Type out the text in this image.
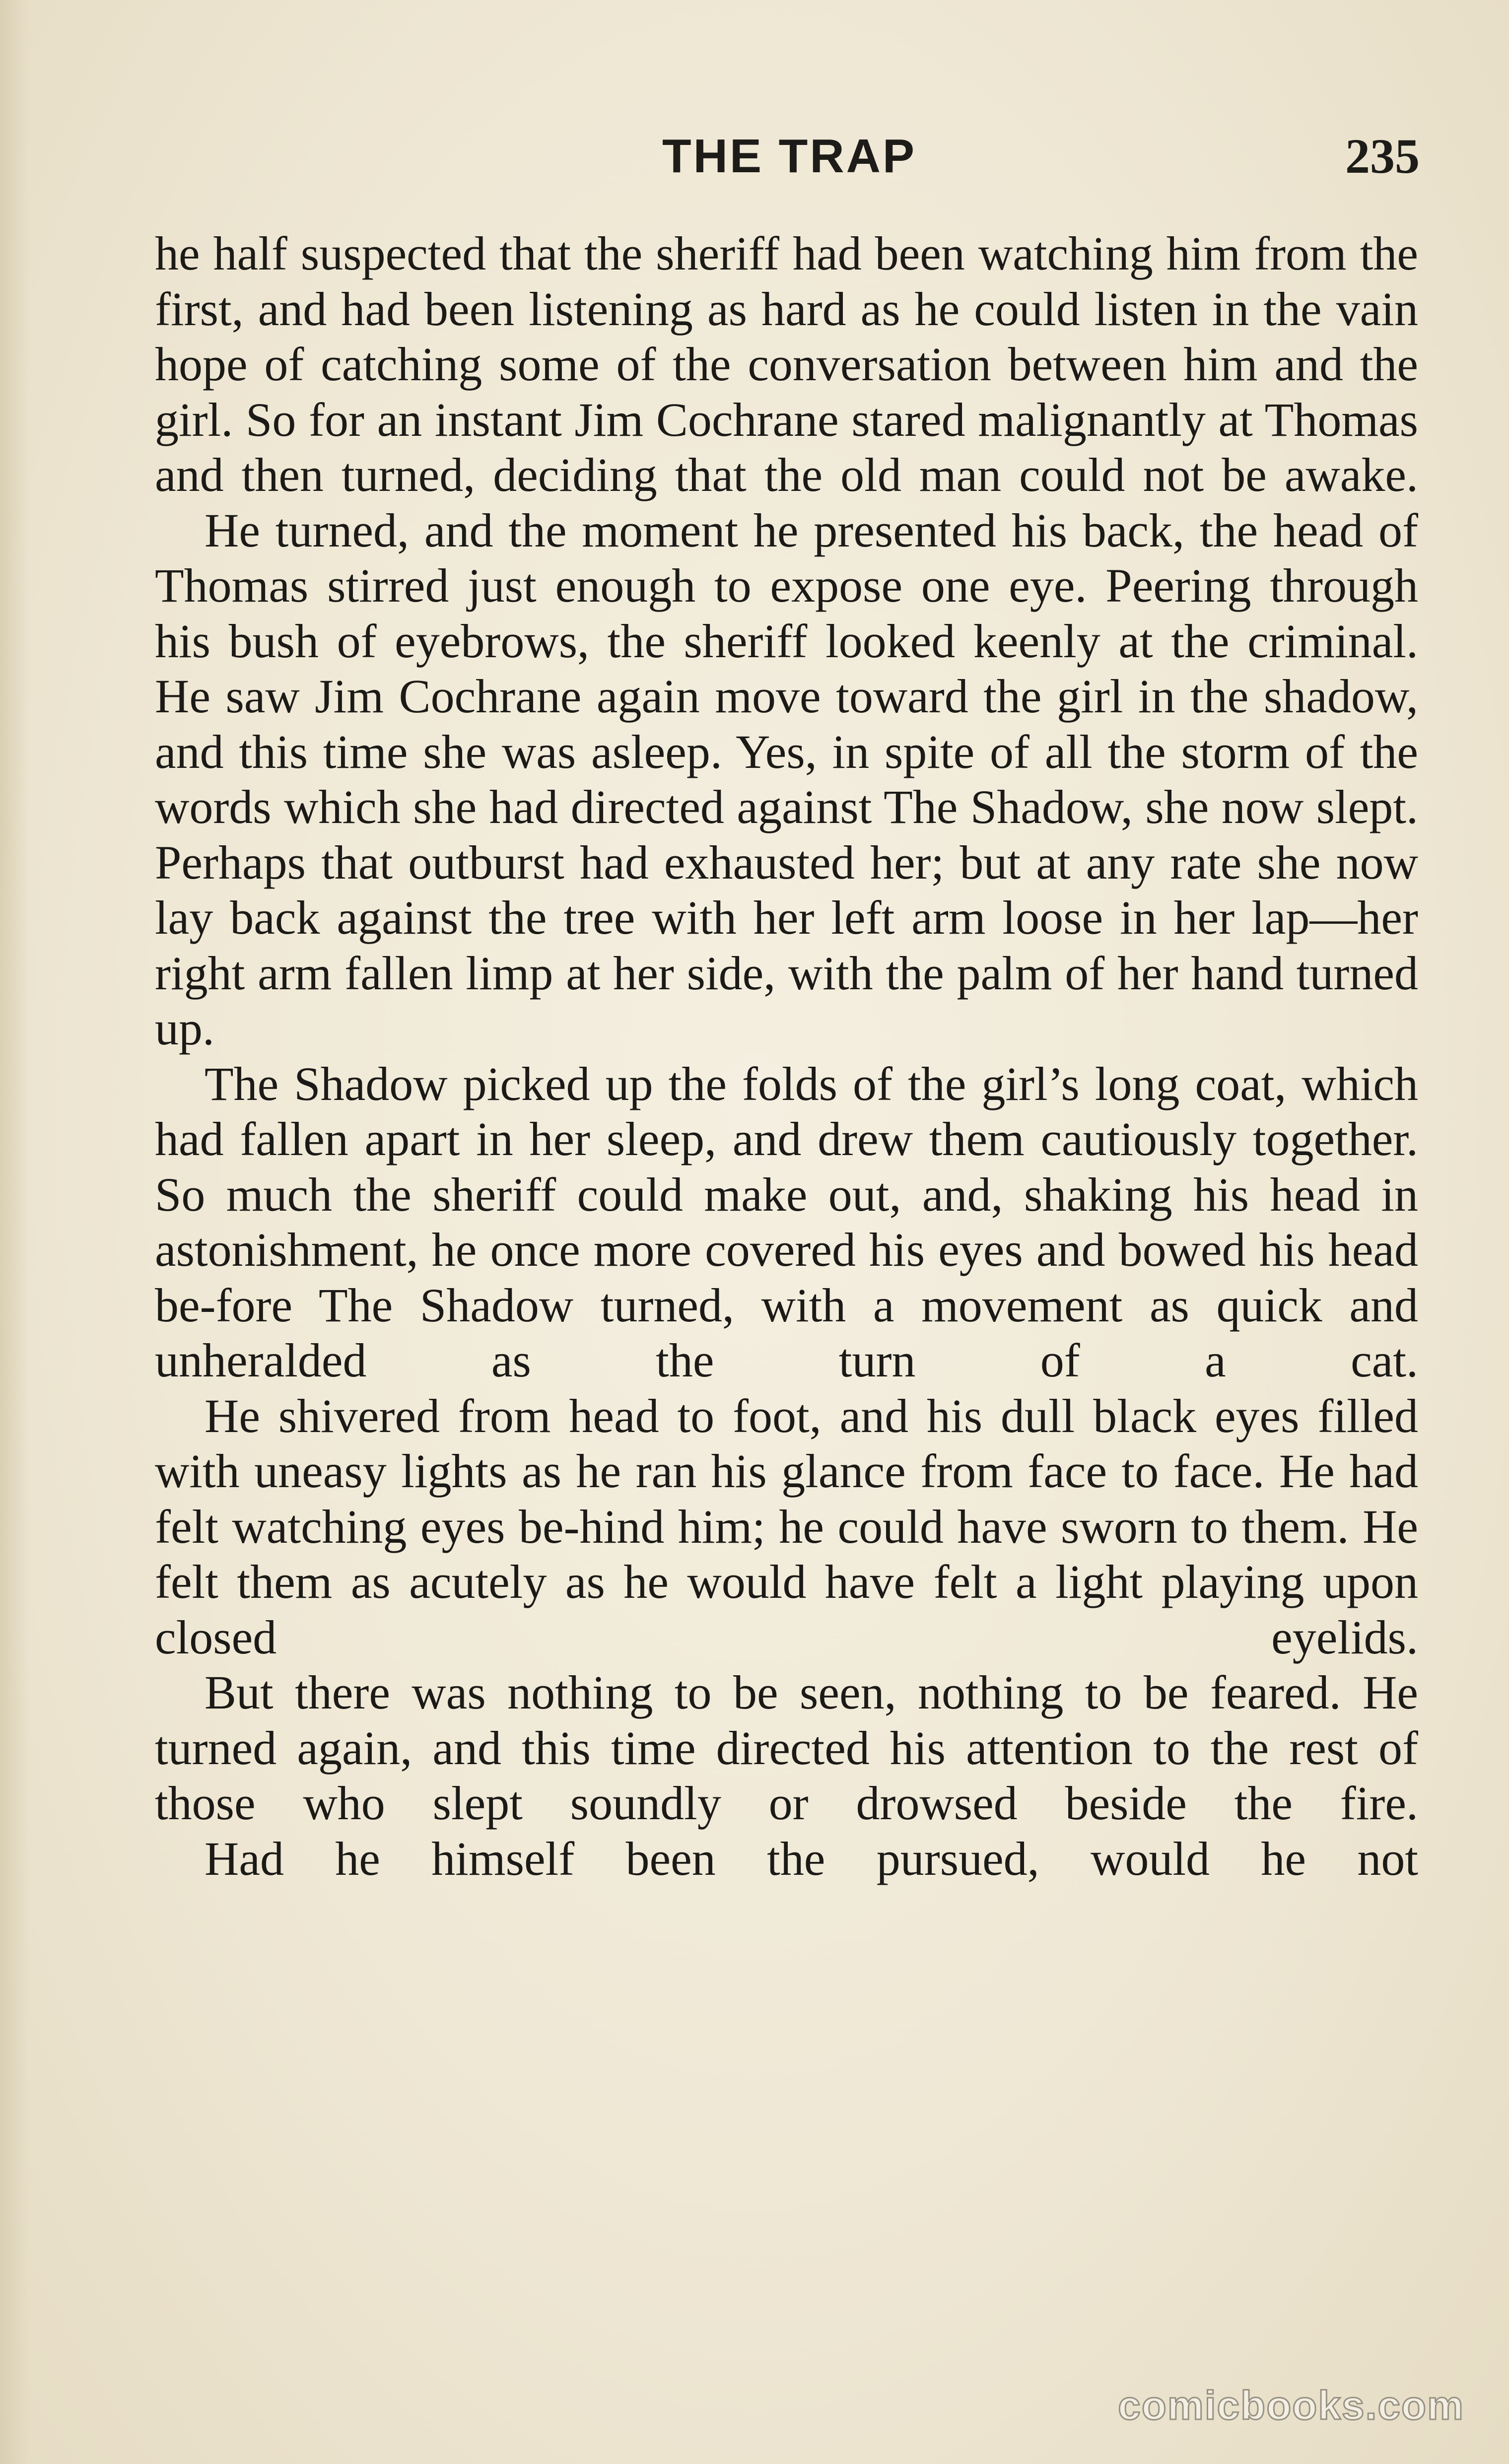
THE TRAP	235

he half suspected that the sheriff had been watching him from the first, and had been listening as hard as he could listen in the vain hope of catching some of the conversation between him and the girl. So for an instant Jim Cochrane stared malignantly at Thomas and then turned, deciding that the old man could not be awake.

He turned, and the moment he presented his back, the head of Thomas stirred just enough to expose one eye. Peering through his bush of eyebrows, the sheriff looked keenly at the criminal. He saw Jim Cochrane again move toward the girl in the shadow, and this time she was asleep. Yes, in spite of all the storm of the words which she had directed against The Shadow, she now slept. Perhaps that outburst had exhausted her; but at any rate she now lay back against the tree with her left arm loose in her lap—her right arm fallen limp at her side, with the palm of her hand turned up.

The Shadow picked up the folds of the girl’s long coat, which had fallen apart in her sleep, and drew them cautiously together. So much the sheriff could make out, and, shaking his head in astonishment, he once more covered his eyes and bowed his head be-fore The Shadow turned, with a movement as quick and unheralded as the turn of a cat.

He shivered from head to foot, and his dull black eyes filled with uneasy lights as he ran his glance from face to face. He had felt watching eyes be-hind him; he could have sworn to them. He felt them as acutely as he would have felt a light playing upon closed eyelids.

But there was nothing to be seen, nothing to be feared. He turned again, and this time directed his attention to the rest of those who slept soundly or drowsed beside the fire.

Had he himself been the pursued, would he not

comicbooks.com
